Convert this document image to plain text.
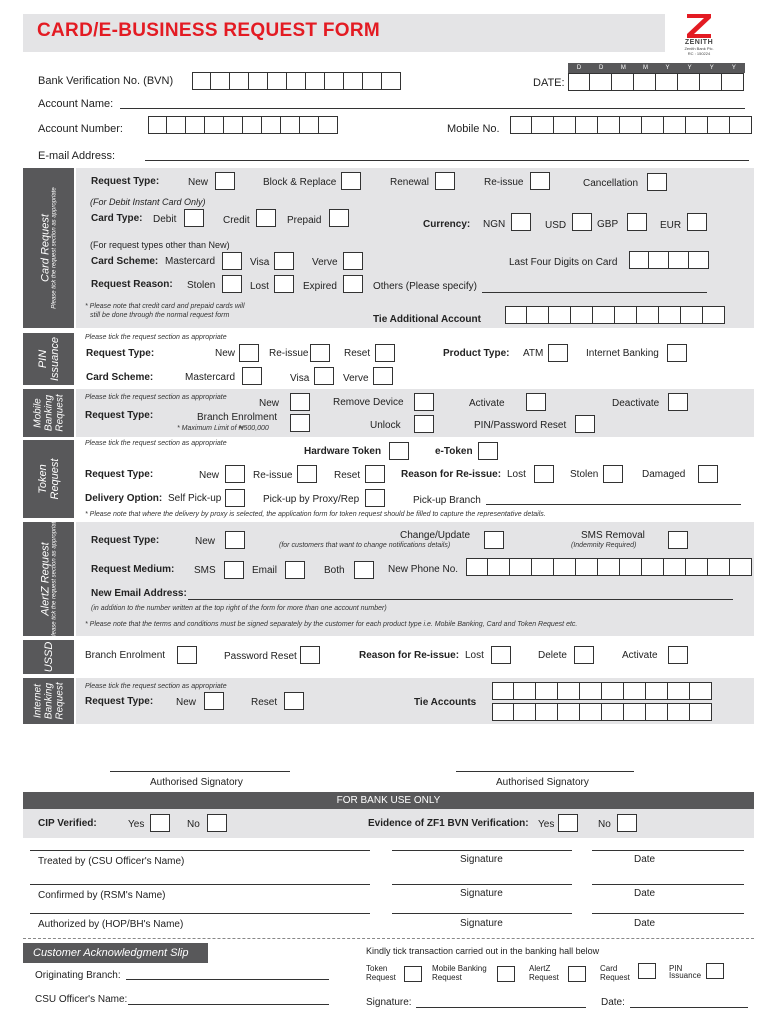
CARD/E-BUSINESS REQUEST FORM
ZENITH
Zenith Bank Plc.
RC : 150224
Bank Verification No. (BVN)	DATE:
D	D	M	M	Y	Y	Y	Y
Account Name:
Account Number:	Mobile No.
E-mail Address:
Card Request Please tick the request section as appropriate
Request Type:	New	Block & Replace	Renewal	Re-issue	Cancellation
(For Debit Instant Card Only)
Card Type: Debit	Credit	Prepaid	Currency: NGN	USD	GBP	EUR
(For request types other than New)
Card Scheme: Mastercard	Visa	Verve	Last Four Digits on Card
Request Reason: Stolen	Lost	Expired	Others (Please specify)
* Please note that credit card and prepaid cards will
still be done through the normal request form	Tie Additional Account
PIN Issuance	Please tick the request section as appropriate
Request Type:	New	Re-issue	Reset	Product Type: ATM	Internet Banking
Card Scheme:	Mastercard	Visa	Verve
Mobile Banking Request	Please tick the request section as appropriate
Request Type:
New	Remove Device	Activate	Deactivate
Branch Enrolment
* Maximum Limit of ₦500,000	Unlock	PIN/Password Reset
Token Request
Please tick the request section as appropriate
Hardware Token	e-Token
Request Type:	New	Re-issue	Reset	Reason for Re-issue: Lost	Stolen	Damaged
Delivery Option: Self Pick-up	Pick-up by Proxy/Rep	Pick-up Branch
* Please note that where the delivery by proxy is selected, the application form for token request should be filled to capture the representative details.
AlertZ Request Please tick the request section as appropriate	Request Type:	New
Change/Update
(for customers that want to change notifications details)
SMS Removal
(Indemnity Required)
Request Medium: SMS	Email	Both	New Phone No.
New Email Address:
(in addition to the number written at the top right of the form for more than one account number)
* Please note that the terms and conditions must be signed separately by the customer for each product type i.e. Mobile Banking, Card and Token Request etc.
USSD	Branch Enrolment	Password Reset	Reason for Re-issue: Lost	Delete	Activate
Internet Banking Request	Please tick the request section as appropriate
Request Type: New	Reset	Tie Accounts
Authorised Signatory	Authorised Signatory
FOR BANK USE ONLY
CIP Verified:	Yes	No	Evidence of ZF1 BVN Verification: Yes	No
Treated by (CSU Officer's Name)	Signature	Date
Confirmed by (RSM's Name)	Signature	Date
Authorized by (HOP/BH's Name)	Signature	Date
Customer Acknowledgment Slip	Kindly tick transaction carried out in the banking hall below
Originating Branch:
CSU Officer's Name:
Token
Request
Mobile Banking
Request
AlertZ
Request
Card
Request
PIN
Issuance
Signature:	Date:
